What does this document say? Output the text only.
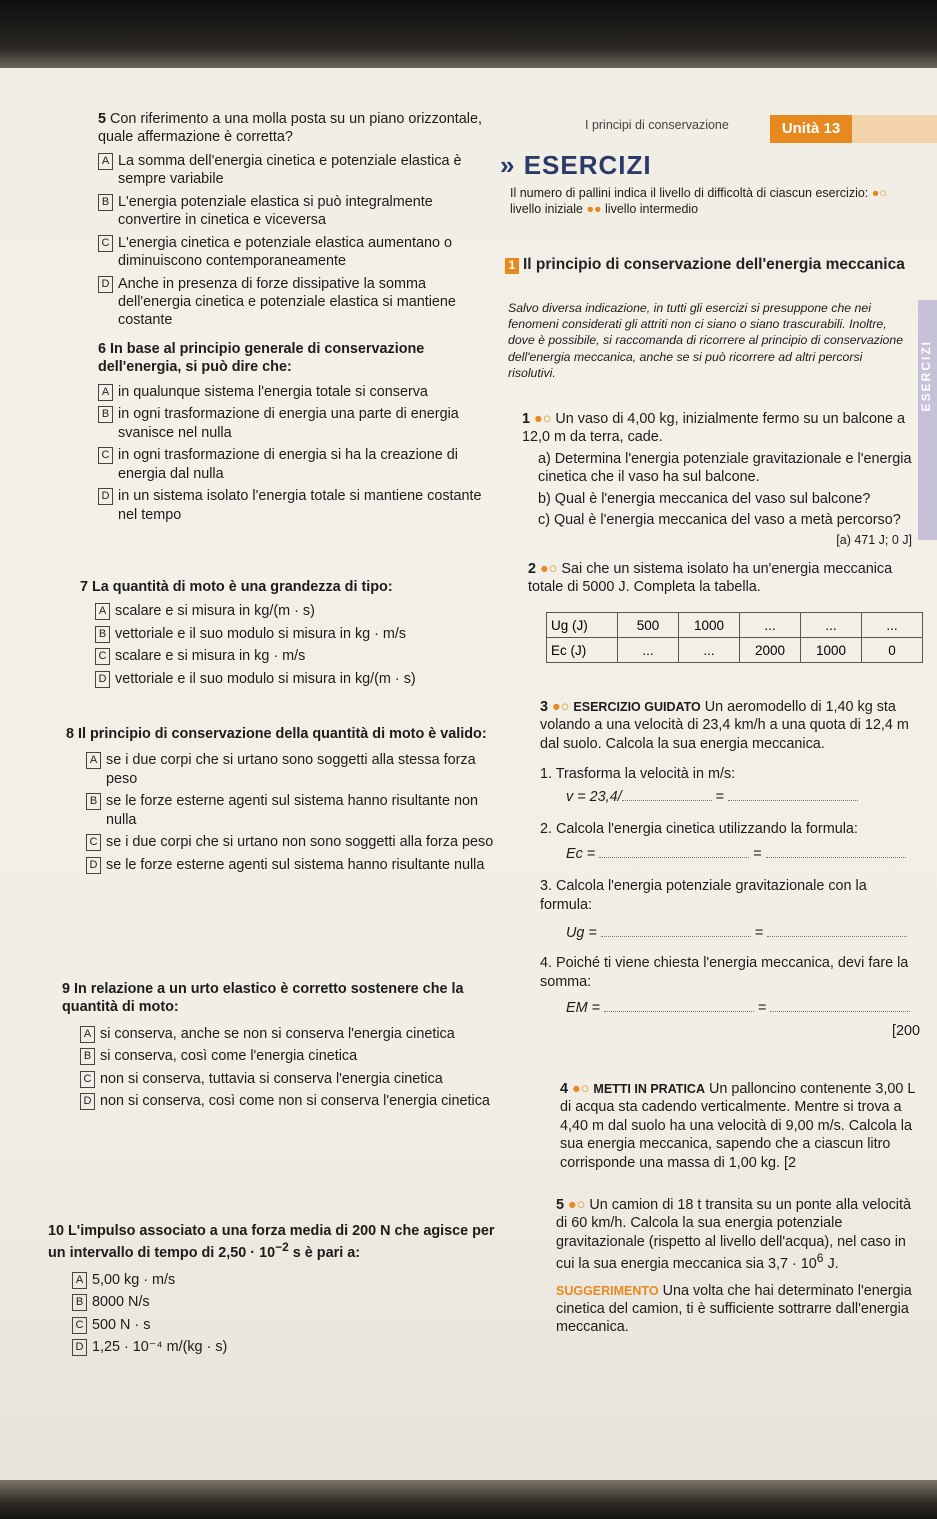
I principi di conservazione	Unità 13
» ESERCIZI
Il numero di pallini indica il livello di difficoltà di ciascun esercizio: ●○ livello iniziale ●● livello intermedio
ESERCIZI
5 Con riferimento a una molla posta su un piano orizzontale, quale affermazione è corretta?
A La somma dell'energia cinetica e potenziale elastica è sempre variabile
B L'energia potenziale elastica si può integralmente convertire in cinetica e viceversa
C L'energia cinetica e potenziale elastica aumentano o diminuiscono contemporaneamente
D Anche in presenza di forze dissipative la somma dell'energia cinetica e potenziale elastica si mantiene costante
6 In base al principio generale di conservazione dell'energia, si può dire che:
A in qualunque sistema l'energia totale si conserva
B in ogni trasformazione di energia una parte di energia svanisce nel nulla
C in ogni trasformazione di energia si ha la creazione di energia dal nulla
D in un sistema isolato l'energia totale si mantiene costante nel tempo
7 La quantità di moto è una grandezza di tipo:
A scalare e si misura in kg/(m · s)
B vettoriale e il suo modulo si misura in kg · m/s
C scalare e si misura in kg · m/s
D vettoriale e il suo modulo si misura in kg/(m · s)
8 Il principio di conservazione della quantità di moto è valido:
A se i due corpi che si urtano sono soggetti alla stessa forza peso
B se le forze esterne agenti sul sistema hanno risultante non nulla
C se i due corpi che si urtano non sono soggetti alla forza peso
D se le forze esterne agenti sul sistema hanno risultante nulla
9 In relazione a un urto elastico è corretto sostenere che la quantità di moto:
A si conserva, anche se non si conserva l'energia cinetica
B si conserva, così come l'energia cinetica
C non si conserva, tuttavia si conserva l'energia cinetica
D non si conserva, così come non si conserva l'energia cinetica
10 L'impulso associato a una forza media di 200 N che agisce per un intervallo di tempo di $2,50 \cdot 10^{-2}$ s è pari a:
A 5,00 kg · m/s
B 8000 N/s
C 500 N · s
D 1,25 · 10⁻⁴ m/(kg · s)
1 Il principio di conservazione dell'energia meccanica
Salvo diversa indicazione, in tutti gli esercizi si presuppone che nei fenomeni considerati gli attriti non ci siano o siano trascurabili. Inoltre, dove è possibile, si raccomanda di ricorrere al principio di conservazione dell'energia meccanica, anche se si può ricorrere ad altri percorsi risolutivi.
1 ●○ Un vaso di 4,00 kg, inizialmente fermo su un balcone a 12,0 m da terra, cade.
a) Determina l'energia potenziale gravitazionale e l'energia cinetica che il vaso ha sul balcone.
b) Qual è l'energia meccanica del vaso sul balcone?
c) Qual è l'energia meccanica del vaso a metà percorso?
[a) 471 J; 0 J]
2 ●○ Sai che un sistema isolato ha un'energia meccanica totale di 5000 J. Completa la tabella.
Ug (J)	500	1000	...	...	...
Ec (J)	...	...	2000	1000	0
3 ●○ ESERCIZIO GUIDATO Un aeromodello di 1,40 kg sta volando a una velocità di 23,4 km/h a una quota di 12,4 m dal suolo. Calcola la sua energia meccanica.
1. Trasforma la velocità in m/s:
v = 23,4/	=
2. Calcola l'energia cinetica utilizzando la formula:
Ec =	=
3. Calcola l'energia potenziale gravitazionale con la formula:
Ug =	=
4. Poiché ti viene chiesta l'energia meccanica, devi fare la somma:
EM =	=
[200
4 ●○ METTI IN PRATICA Un palloncino contenente 3,00 L di acqua sta cadendo verticalmente. Mentre si trova a 4,40 m dal suolo ha una velocità di 9,00 m/s. Calcola la sua energia meccanica, sapendo che a ciascun litro corrisponde una massa di 1,00 kg. [2
5 ●○ Un camion di 18 t transita su un ponte alla velocità di 60 km/h. Calcola la sua energia potenziale gravitazionale (rispetto al livello dell'acqua), nel caso in cui la sua energia meccanica sia $3,7 \cdot 10^6$ J.
SUGGERIMENTO Una volta che hai determinato l'energia cinetica del camion, ti è sufficiente sottrarre dall'energia meccanica.
